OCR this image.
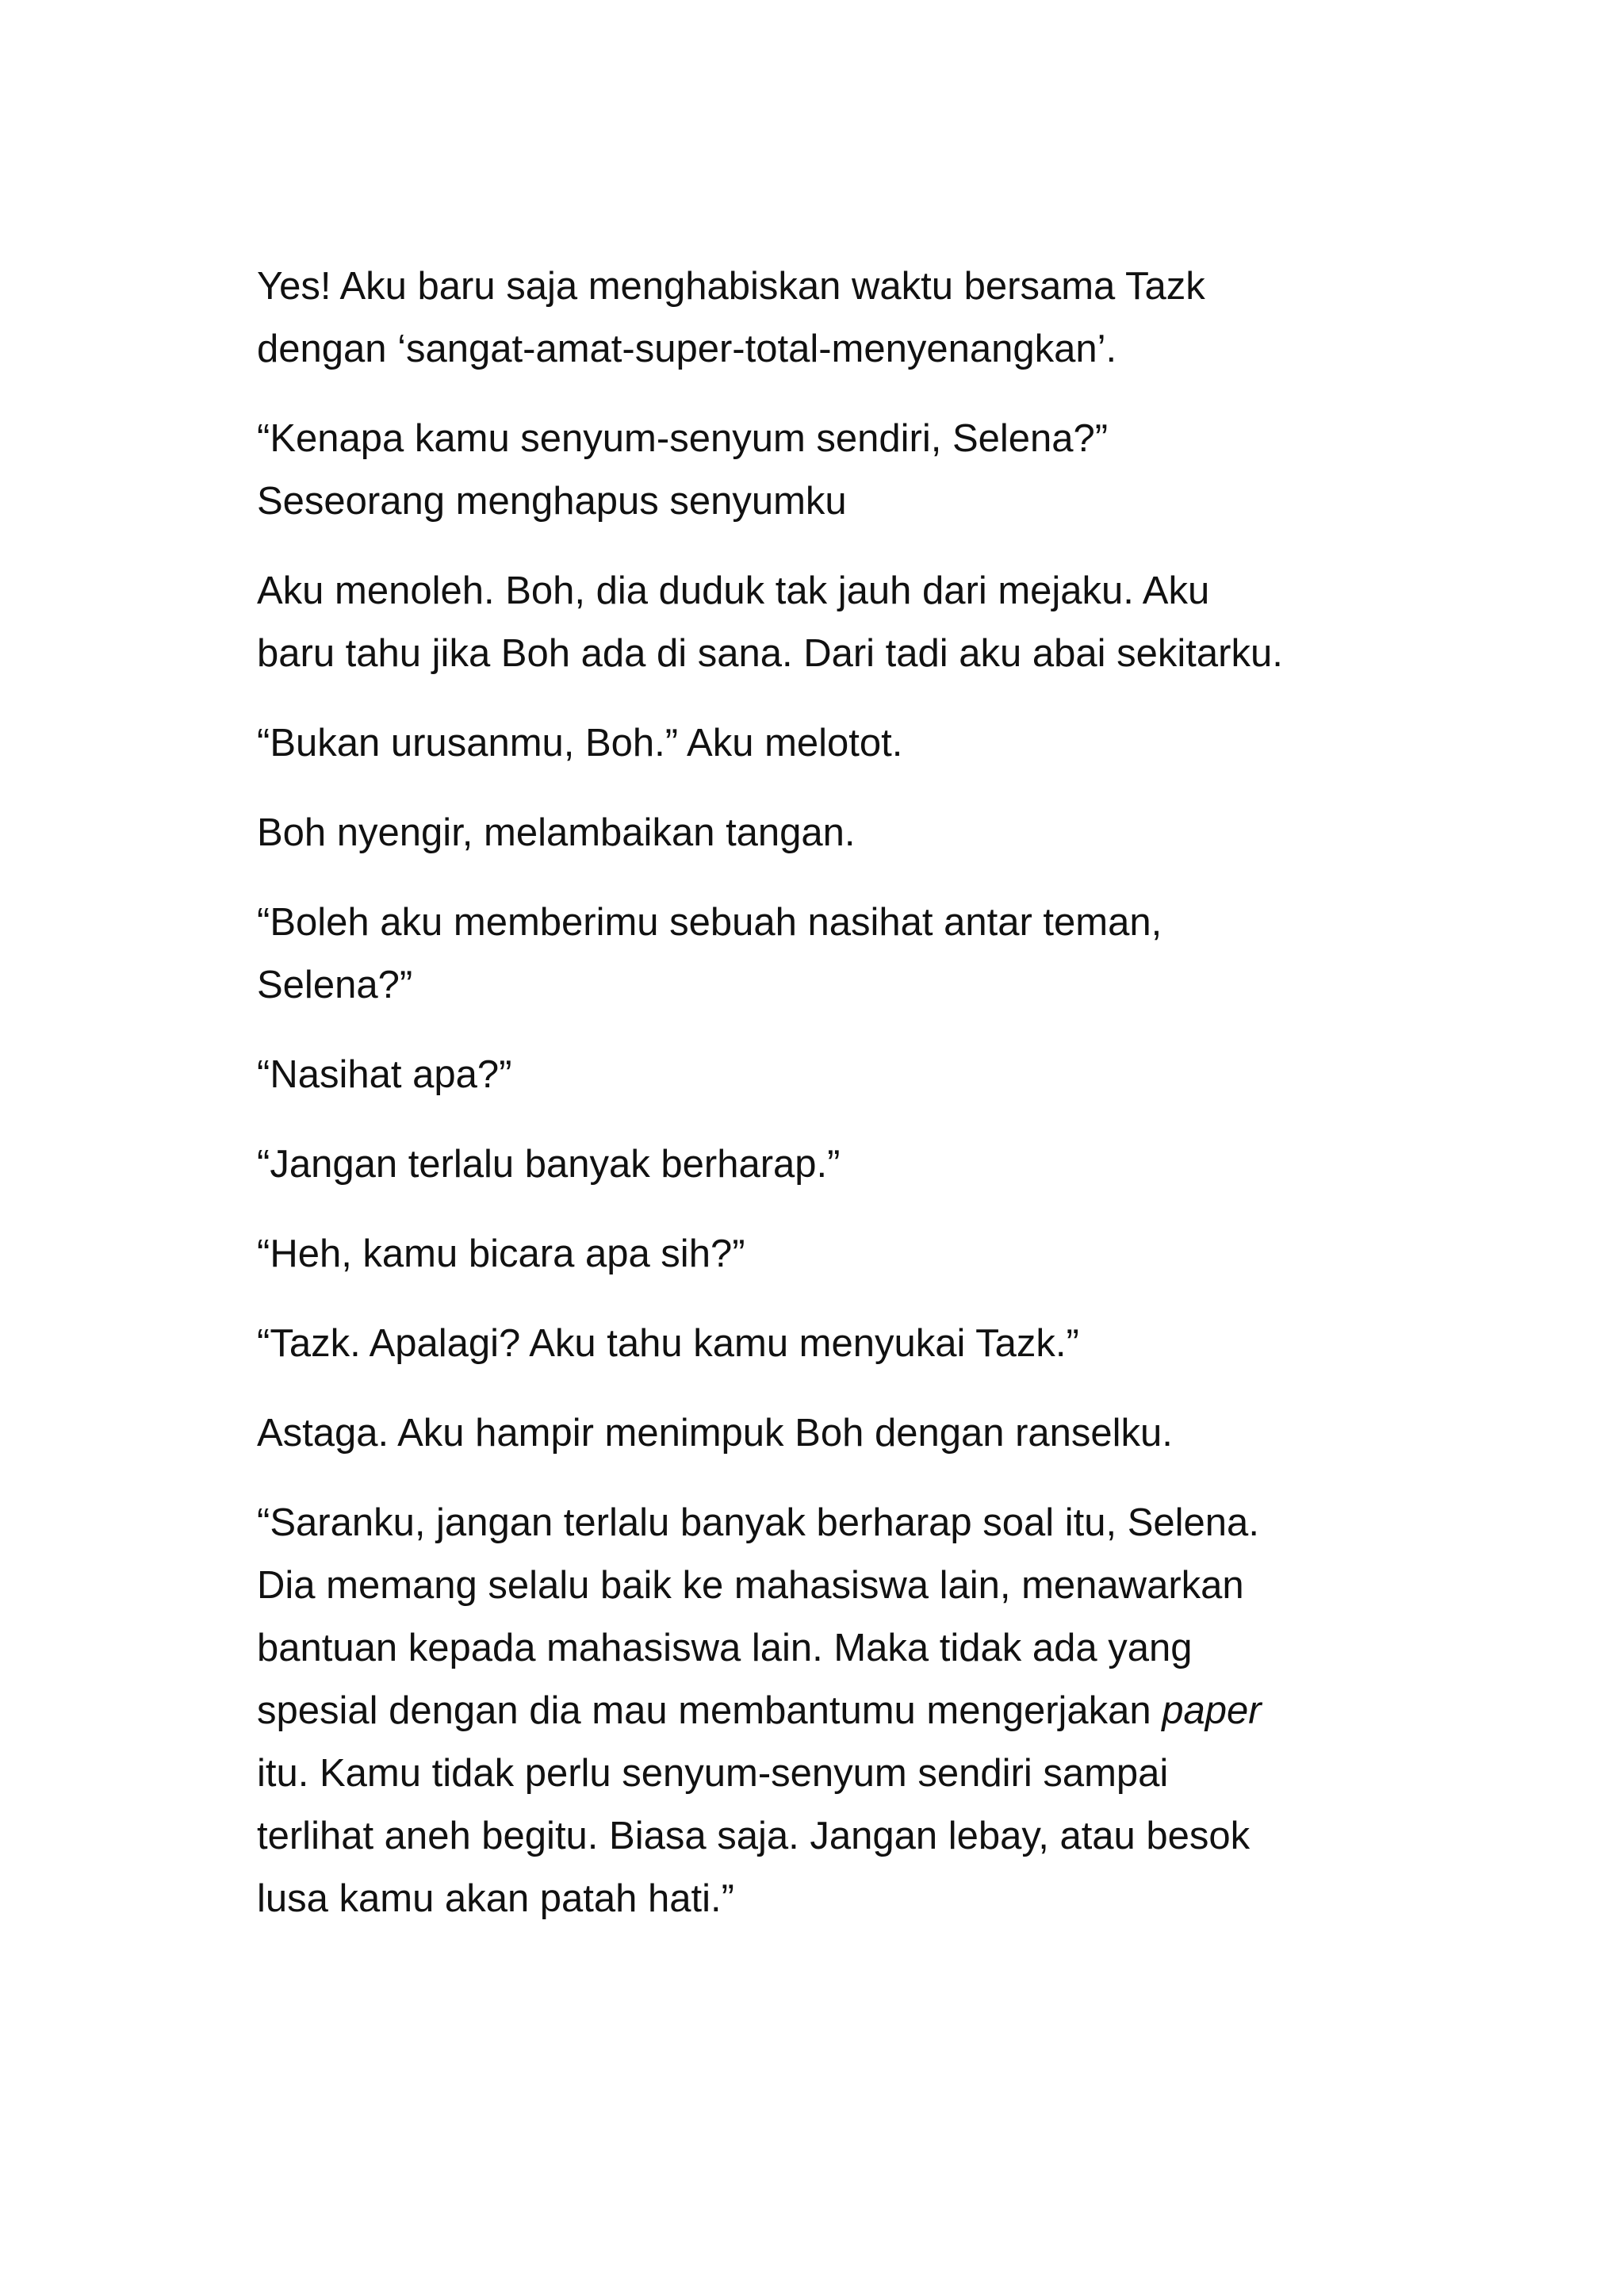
Yes! Aku baru saja menghabiskan waktu bersama Tazk
dengan ‘sangat-amat-super-total-menyenangkan’.

“Kenapa kamu senyum-senyum sendiri, Selena?”
Seseorang menghapus senyumku

Aku menoleh. Boh, dia duduk tak jauh dari mejaku. Aku
baru tahu jika Boh ada di sana. Dari tadi aku abai sekitarku.

“Bukan urusanmu, Boh.” Aku melotot.

Boh nyengir, melambaikan tangan.

“Boleh aku memberimu sebuah nasihat antar teman,
Selena?”

“Nasihat apa?”

“Jangan terlalu banyak berharap.”

“Heh, kamu bicara apa sih?”

“Tazk. Apalagi? Aku tahu kamu menyukai Tazk.”

Astaga. Aku hampir menimpuk Boh dengan ranselku.

“Saranku, jangan terlalu banyak berharap soal itu, Selena.
Dia memang selalu baik ke mahasiswa lain, menawarkan
bantuan kepada mahasiswa lain. Maka tidak ada yang
spesial dengan dia mau membantumu mengerjakan paper
itu. Kamu tidak perlu senyum-senyum sendiri sampai
terlihat aneh begitu. Biasa saja. Jangan lebay, atau besok
lusa kamu akan patah hati.”
